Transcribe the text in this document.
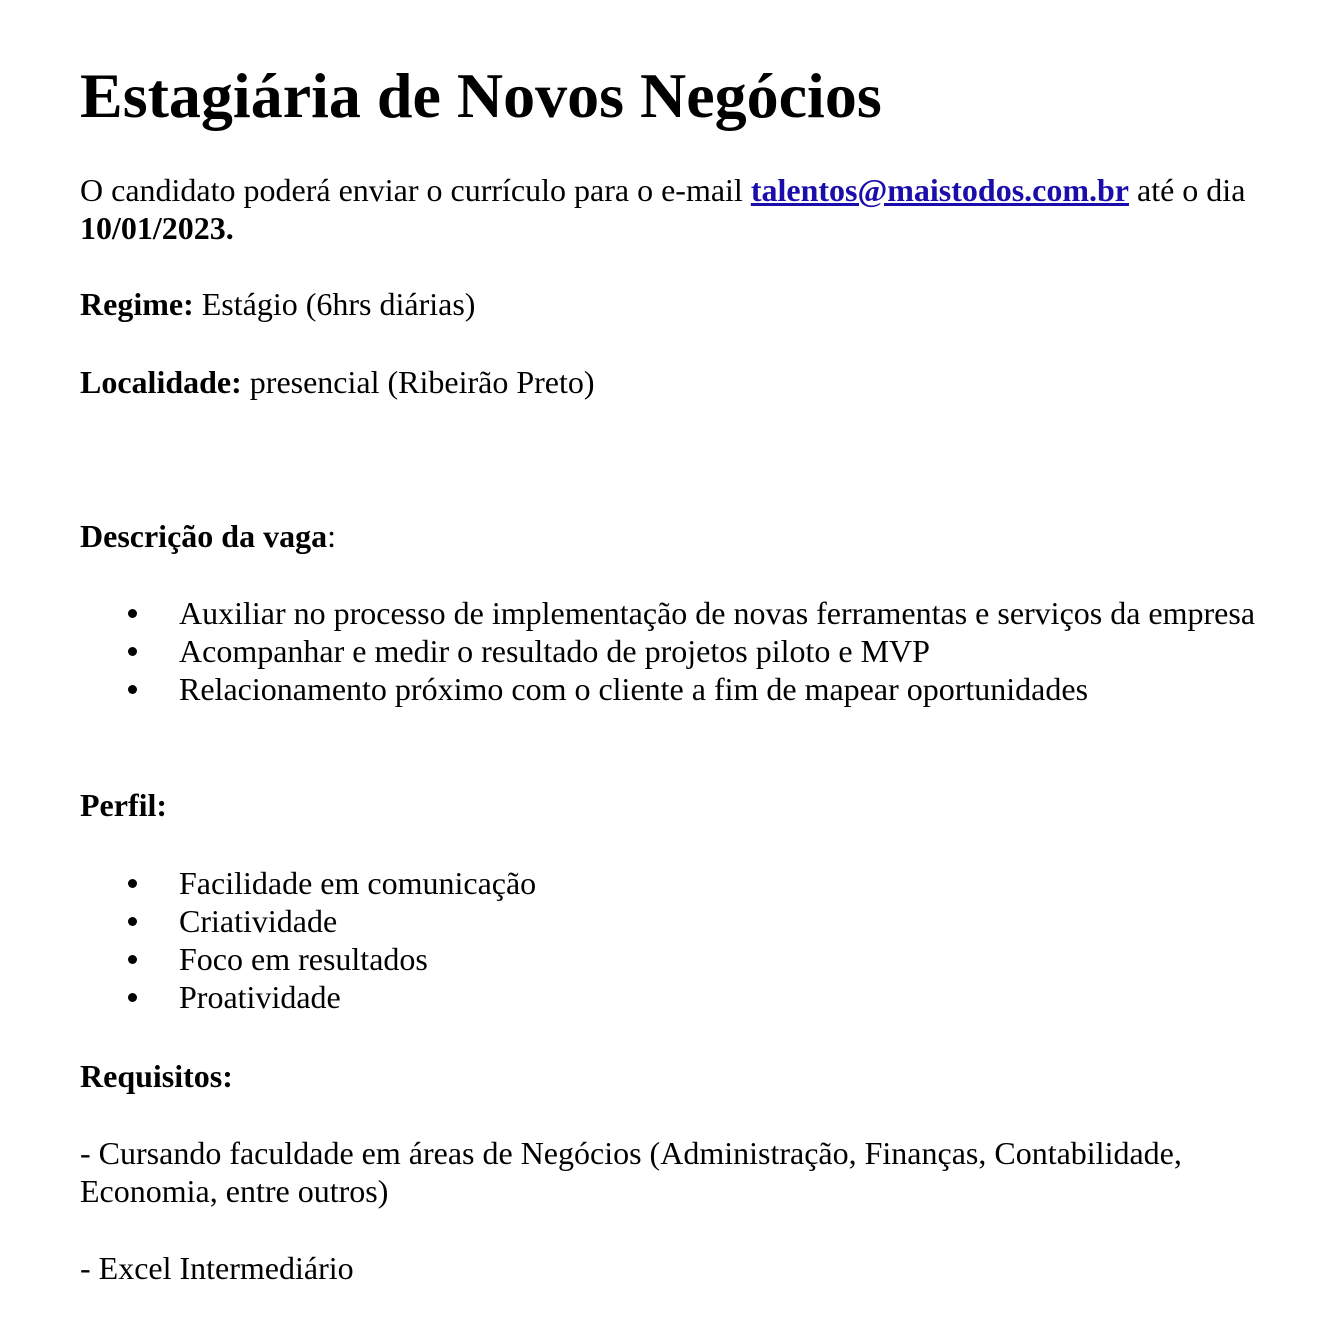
Estagiária de Novos Negócios

O candidato poderá enviar o currículo para o e-mail talentos@maistodos.com.br até o dia 10/01/2023.

Regime: Estágio (6hrs diárias)

Localidade: presencial (Ribeirão Preto)

Descrição da vaga:

Auxiliar no processo de implementação de novas ferramentas e serviços da empresa
Acompanhar e medir o resultado de projetos piloto e MVP
Relacionamento próximo com o cliente a fim de mapear oportunidades

Perfil:

Facilidade em comunicação
Criatividade
Foco em resultados
Proatividade

Requisitos:

- Cursando faculdade em áreas de Negócios (Administração, Finanças, Contabilidade, Economia, entre outros)

- Excel Intermediário
